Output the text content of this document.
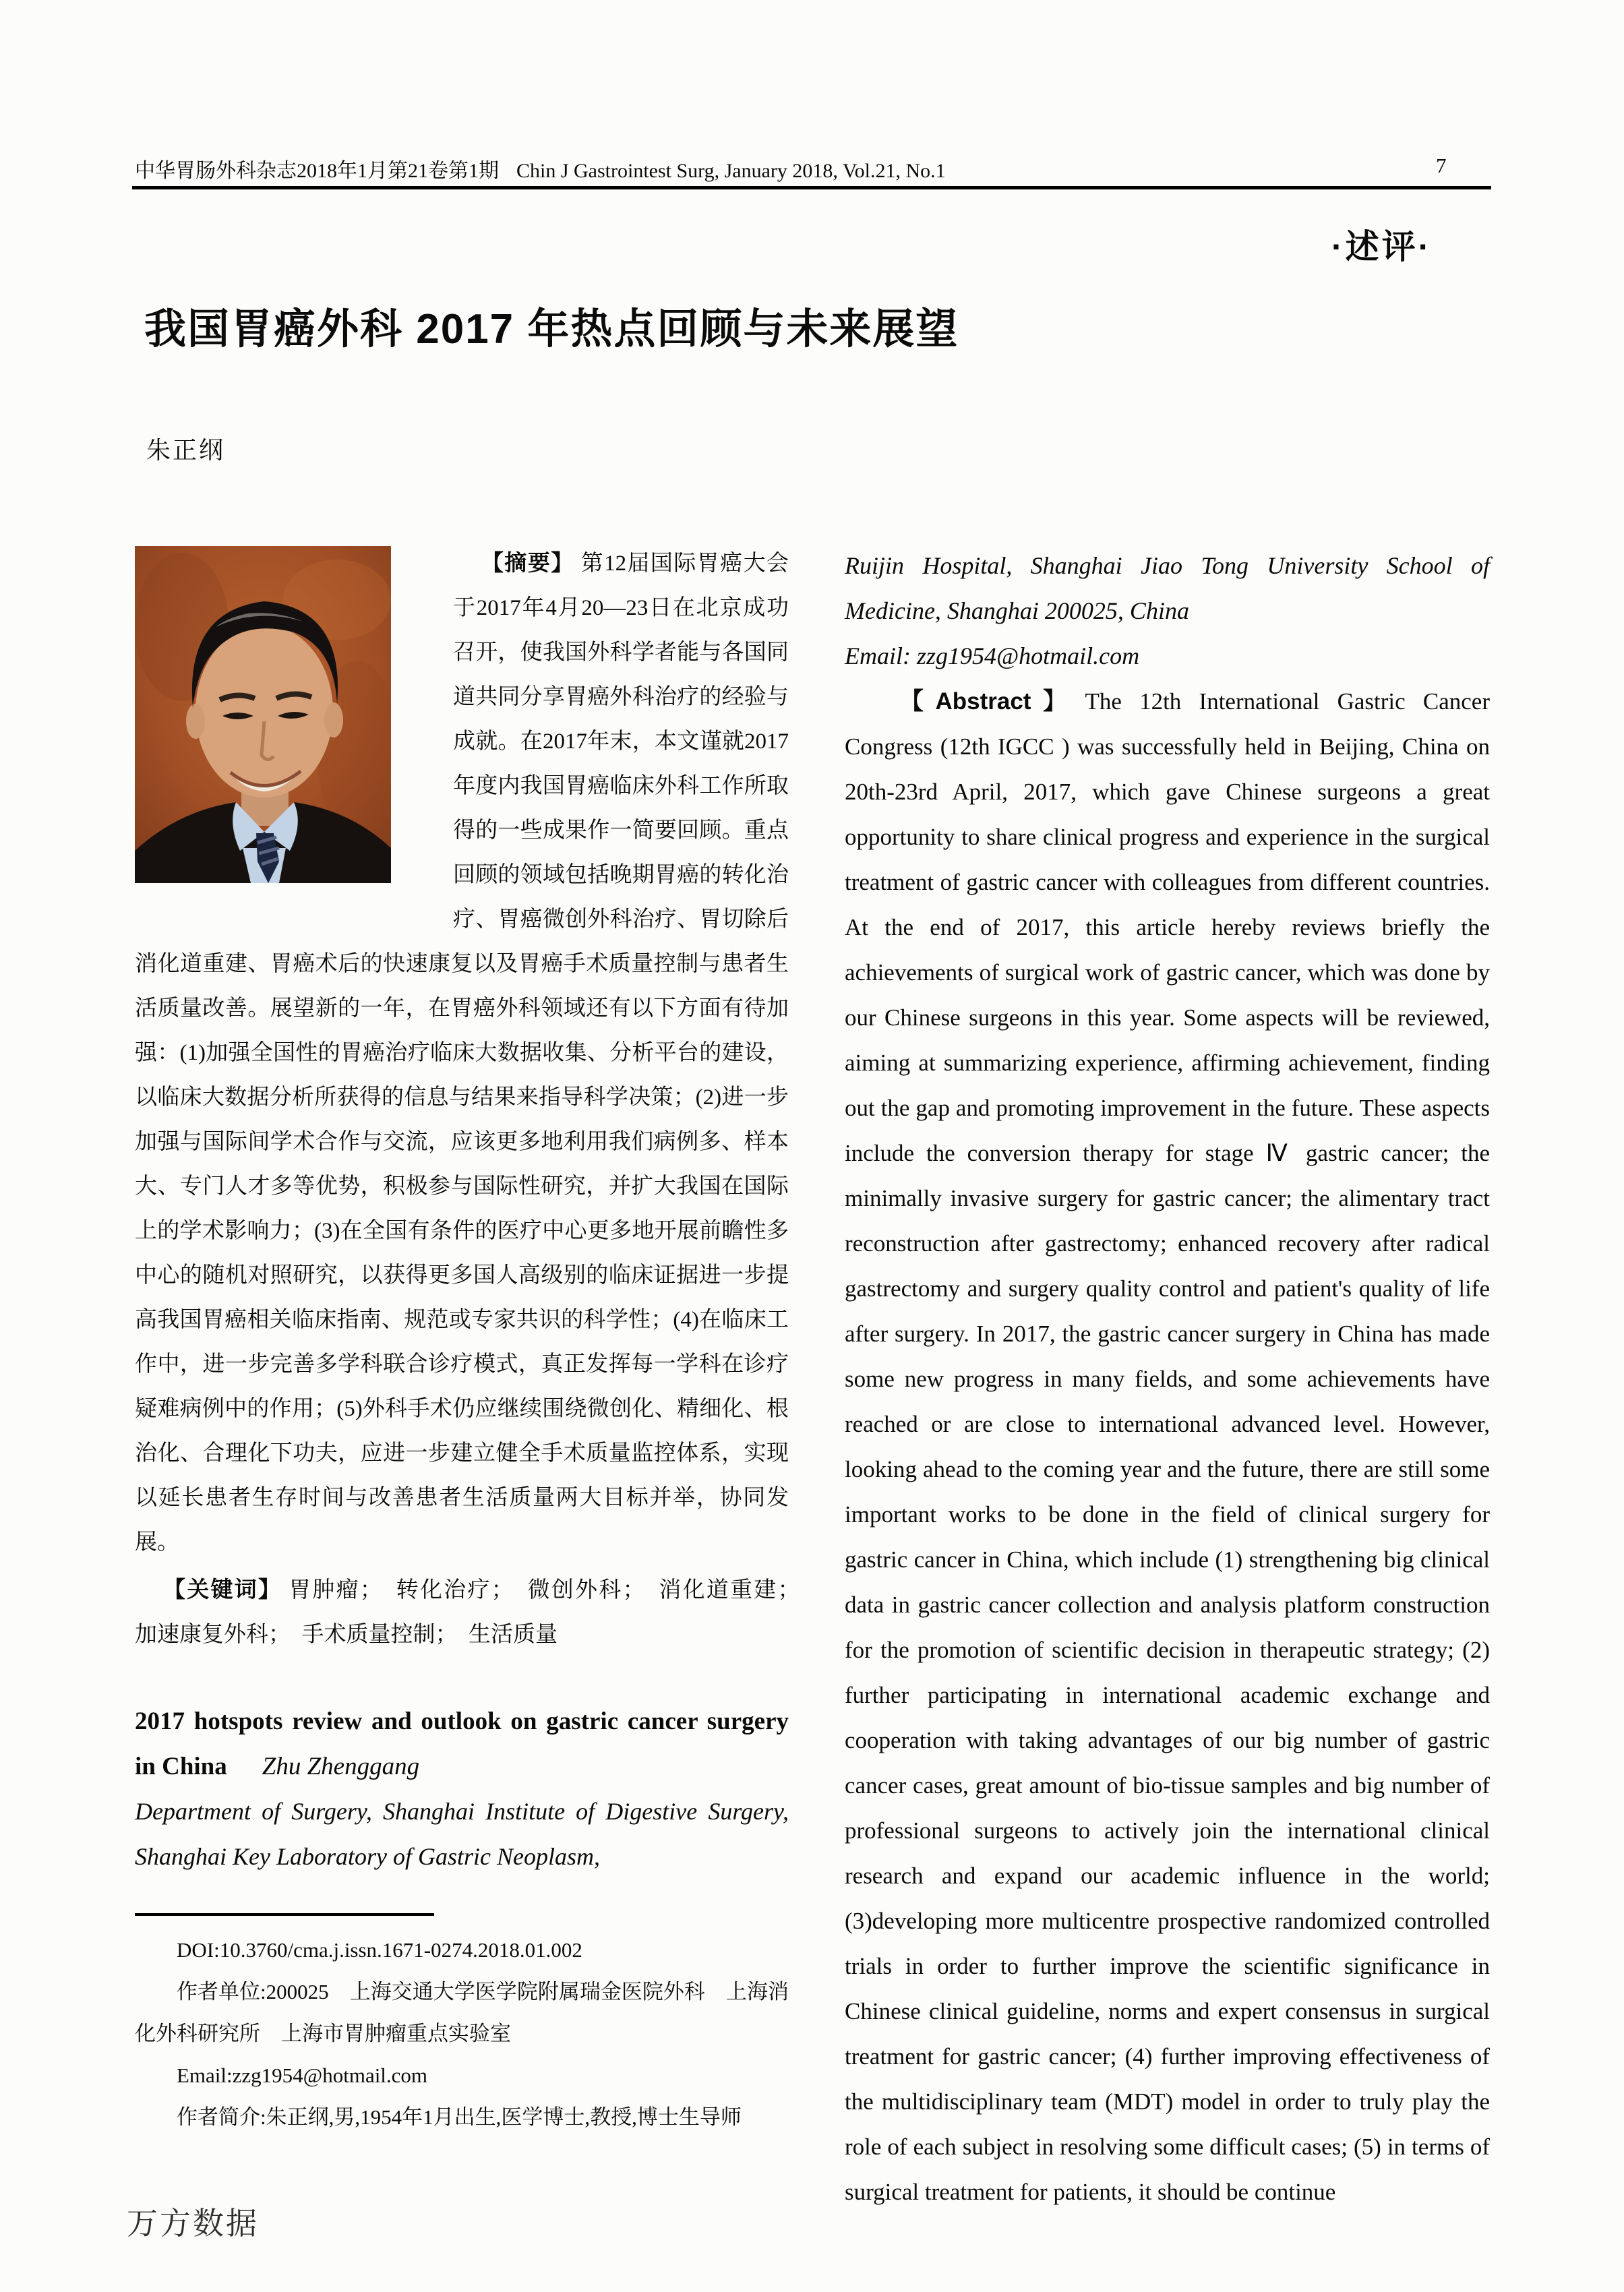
中华胃肠外科杂志2018年1月第21卷第1期 Chin J Gastrointest Surg, January 2018, Vol.21, No.1	7
·述评·
我国胃癌外科 2017 年热点回顾与未来展望
朱正纲

【摘要】 第12届国际胃癌大会于2017年4月20—23日在北京成功召开，使我国外科学者能与各国同道共同分享胃癌外科治疗的经验与成就。在2017年末，本文谨就2017年度内我国胃癌临床外科工作所取得的一些成果作一简要回顾。重点回顾的领域包括晚期胃癌的转化治疗、胃癌微创外科治疗、胃切除后消化道重建、胃癌术后的快速康复以及胃癌手术质量控制与患者生活质量改善。展望新的一年，在胃癌外科领域还有以下方面有待加强：(1)加强全国性的胃癌治疗临床大数据收集、分析平台的建设，以临床大数据分析所获得的信息与结果来指导科学决策；(2)进一步加强与国际间学术合作与交流，应该更多地利用我们病例多、样本大、专门人才多等优势，积极参与国际性研究，并扩大我国在国际上的学术影响力；(3)在全国有条件的医疗中心更多地开展前瞻性多中心的随机对照研究，以获得更多国人高级别的临床证据进一步提高我国胃癌相关临床指南、规范或专家共识的科学性；(4)在临床工作中，进一步完善多学科联合诊疗模式，真正发挥每一学科在诊疗疑难病例中的作用；(5)外科手术仍应继续围绕微创化、精细化、根治化、合理化下功夫，应进一步建立健全手术质量监控体系，实现以延长患者生存时间与改善患者生活质量两大目标并举，协同发展。

【关键词】 胃肿瘤；　转化治疗；　微创外科；　消化道重建；　加速康复外科；　手术质量控制；　生活质量

2017 hotspots review and outlook on gastric cancer surgery in China Zhu Zhenggang

Department of Surgery, Shanghai Institute of Digestive Surgery, Shanghai Key Laboratory of Gastric Neoplasm,

DOI:10.3760/cma.j.issn.1671-0274.2018.01.002

作者单位:200025　上海交通大学医学院附属瑞金医院外科　上海消化外科研究所　上海市胃肿瘤重点实验室

Email:zzg1954@hotmail.com

作者简介:朱正纲,男,1954年1月出生,医学博士,教授,博士生导师

Ruijin Hospital, Shanghai Jiao Tong University School of Medicine, Shanghai 200025, China

Email: zzg1954@hotmail.com

【Abstract】 The 12th International Gastric Cancer Congress (12th IGCC ) was successfully held in Beijing, China on 20th-23rd April, 2017, which gave Chinese surgeons a great opportunity to share clinical progress and experience in the surgical treatment of gastric cancer with colleagues from different countries. At the end of 2017, this article hereby reviews briefly the achievements of surgical work of gastric cancer, which was done by our Chinese surgeons in this year. Some aspects will be reviewed, aiming at summarizing experience, affirming achievement, finding out the gap and promoting improvement in the future. These aspects include the conversion therapy for stage Ⅳ gastric cancer; the minimally invasive surgery for gastric cancer; the alimentary tract reconstruction after gastrectomy; enhanced recovery after radical gastrectomy and surgery quality control and patient's quality of life after surgery. In 2017, the gastric cancer surgery in China has made some new progress in many fields, and some achievements have reached or are close to international advanced level. However, looking ahead to the coming year and the future, there are still some important works to be done in the field of clinical surgery for gastric cancer in China, which include (1) strengthening big clinical data in gastric cancer collection and analysis platform construction for the promotion of scientific decision in therapeutic strategy; (2) further participating in international academic exchange and cooperation with taking advantages of our big number of gastric cancer cases, great amount of bio-tissue samples and big number of professional surgeons to actively join the international clinical research and expand our academic influence in the world; (3)developing more multicentre prospective randomized controlled trials in order to further improve the scientific significance in Chinese clinical guideline, norms and expert consensus in surgical treatment for gastric cancer; (4) further improving effectiveness of the multidisciplinary team (MDT) model in order to truly play the role of each subject in resolving some difficult cases; (5) in terms of surgical treatment for patients, it should be continue

万方数据
